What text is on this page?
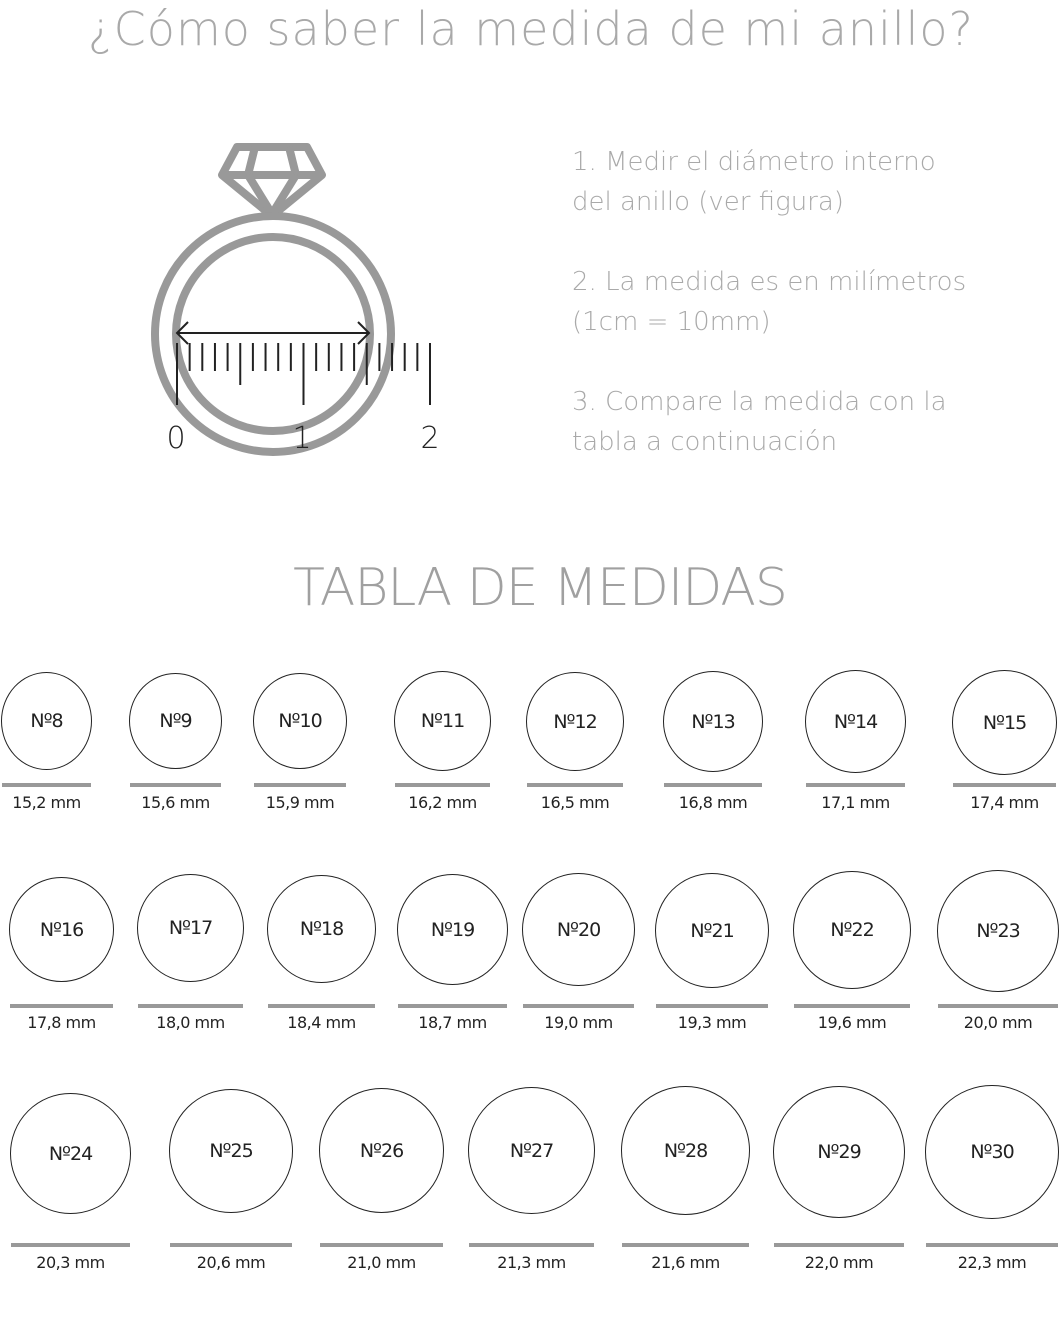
¿Cómo saber la medida de mi anillo?
0	1	2
1. Medir el diámetro interno
del anillo (ver figura)
2. La medida es en milímetros
(1cm = 10mm)
3. Compare la medida con la
tabla a continuación
TABLA DE MEDIDAS
Nº8
15,2 mm
Nº9
15,6 mm
Nº10
15,9 mm
Nº11
16,2 mm
Nº12
16,5 mm
Nº13
16,8 mm
Nº14
17,1 mm
Nº15
17,4 mm
Nº16
17,8 mm
Nº17
18,0 mm
Nº18
18,4 mm
Nº19
18,7 mm
Nº20
19,0 mm
Nº21
19,3 mm
Nº22
19,6 mm
Nº23
20,0 mm
Nº24
20,3 mm
Nº25
20,6 mm
Nº26
21,0 mm
Nº27
21,3 mm
Nº28
21,6 mm
Nº29
22,0 mm
Nº30
22,3 mm
